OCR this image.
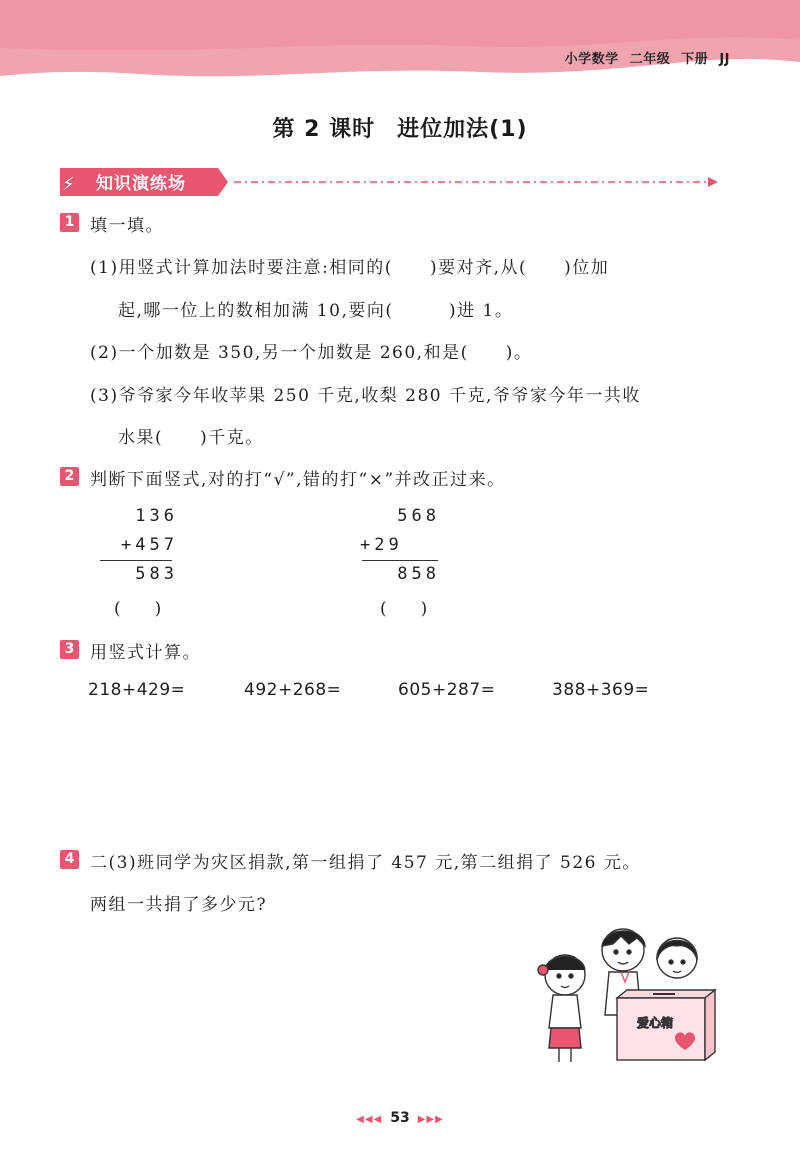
小学数学 二年级 下册 JJ
第 2 课时 进位加法(1)
⚡ 知识演练场
1 填一填。
(1)用竖式计算加法时要注意:相同的(　　)要对齐,从(　　)位加
起,哪一位上的数相加满 10,要向(　　　)进 1。
(2)一个加数是 350,另一个加数是 260,和是(　　)。
(3)爷爷家今年收苹果 250 千克,收梨 280 千克,爷爷家今年一共收
水果(　　)千克。
2 判断下面竖式,对的打“√”,错的打“×”并改正过来。
136
+457
583
(　　)
568
+29
858
(　　)
3 用竖式计算。
218+429=	492+268=	605+287=	388+369=
4 二(3)班同学为灾区捐款,第一组捐了 457 元,第二组捐了 526 元。
两组一共捐了多少元?
爱心箱
◀◀◀ 53 ▶▶▶
